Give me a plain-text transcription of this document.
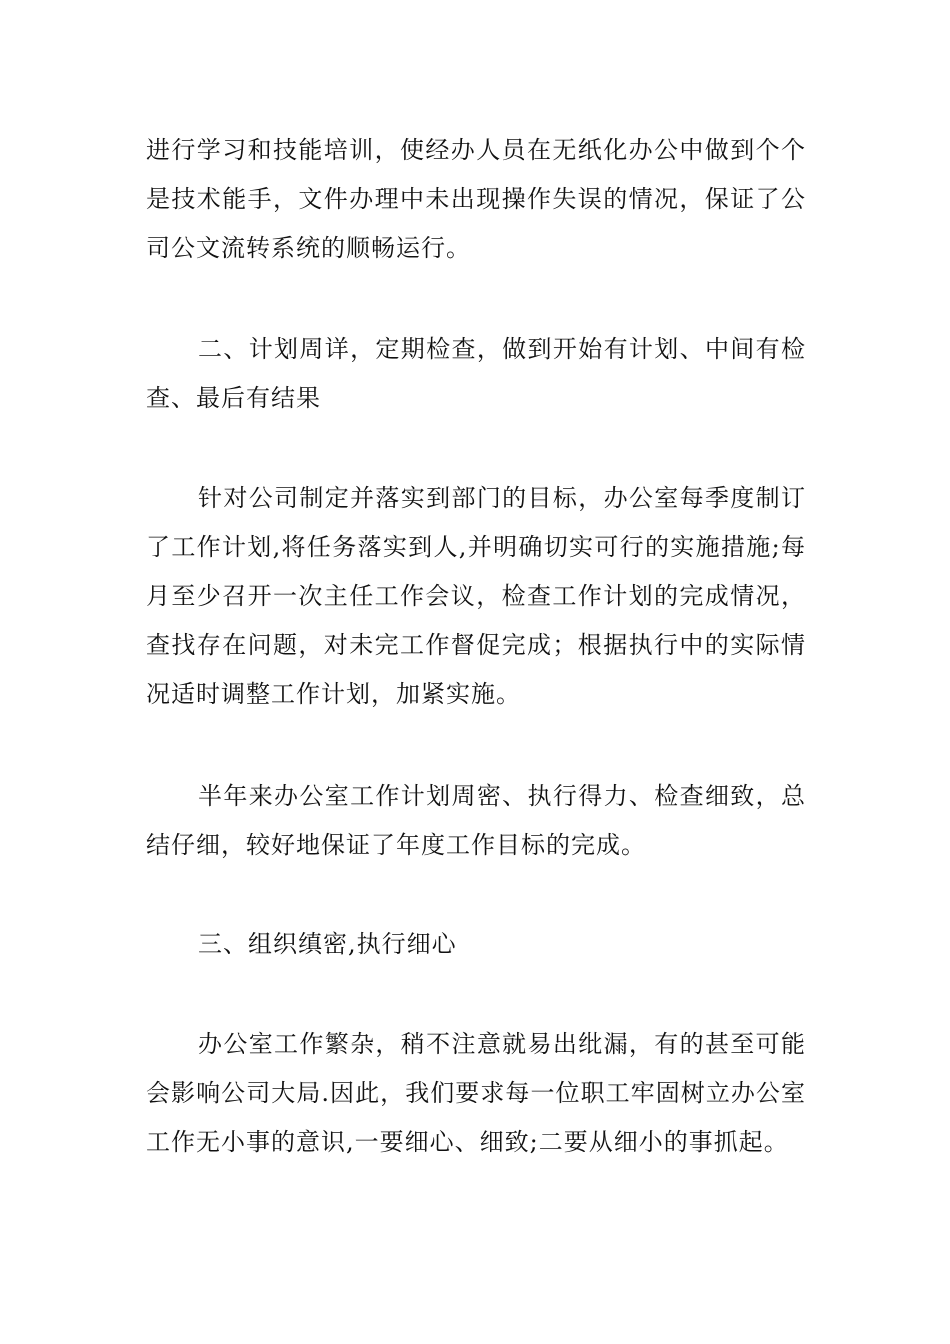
进行学习和技能培训，使经办人员在无纸化办公中做到个个是技术能手，文件办理中未出现操作失误的情况，保证了公司公文流转系统的顺畅运行。

二、计划周详，定期检查，做到开始有计划、中间有检查、最后有结果

针对公司制定并落实到部门的目标，办公室每季度制订了工作计划,将任务落实到人,并明确切实可行的实施措施;每月至少召开一次主任工作会议，检查工作计划的完成情况，查找存在问题，对未完工作督促完成；根据执行中的实际情况适时调整工作计划，加紧实施。

半年来办公室工作计划周密、执行得力、检查细致，总结仔细，较好地保证了年度工作目标的完成。

三、组织缜密,执行细心

办公室工作繁杂，稍不注意就易出纰漏，有的甚至可能会影响公司大局.因此，我们要求每一位职工牢固树立办公室工作无小事的意识,一要细心、细致;二要从细小的事抓起。
